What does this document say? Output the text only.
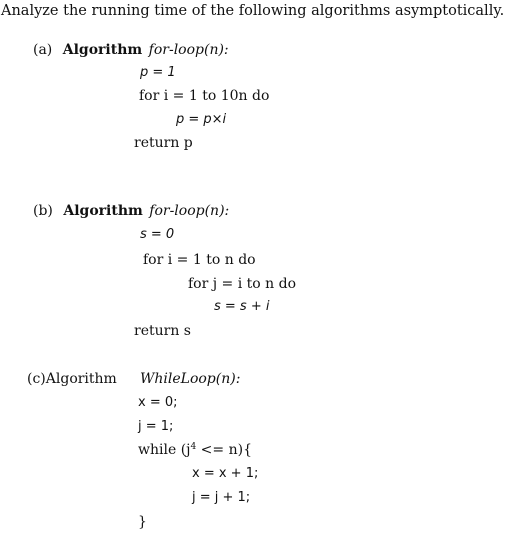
Analyze the running time of the following algorithms asymptotically.
(a) Algorithm for-loop(n):
p = 1
for i = 1 to 10n do
p = p×i
return p
(b) Algorithm for-loop(n):
s = 0
for i = 1 to n do
for j = i to n do
s = s + i
return s
(c)Algorithm WhileLoop(n):
x = 0;
j = 1;
while $(j^4 <= n)${
x = x + 1;
j = j + 1;
}
